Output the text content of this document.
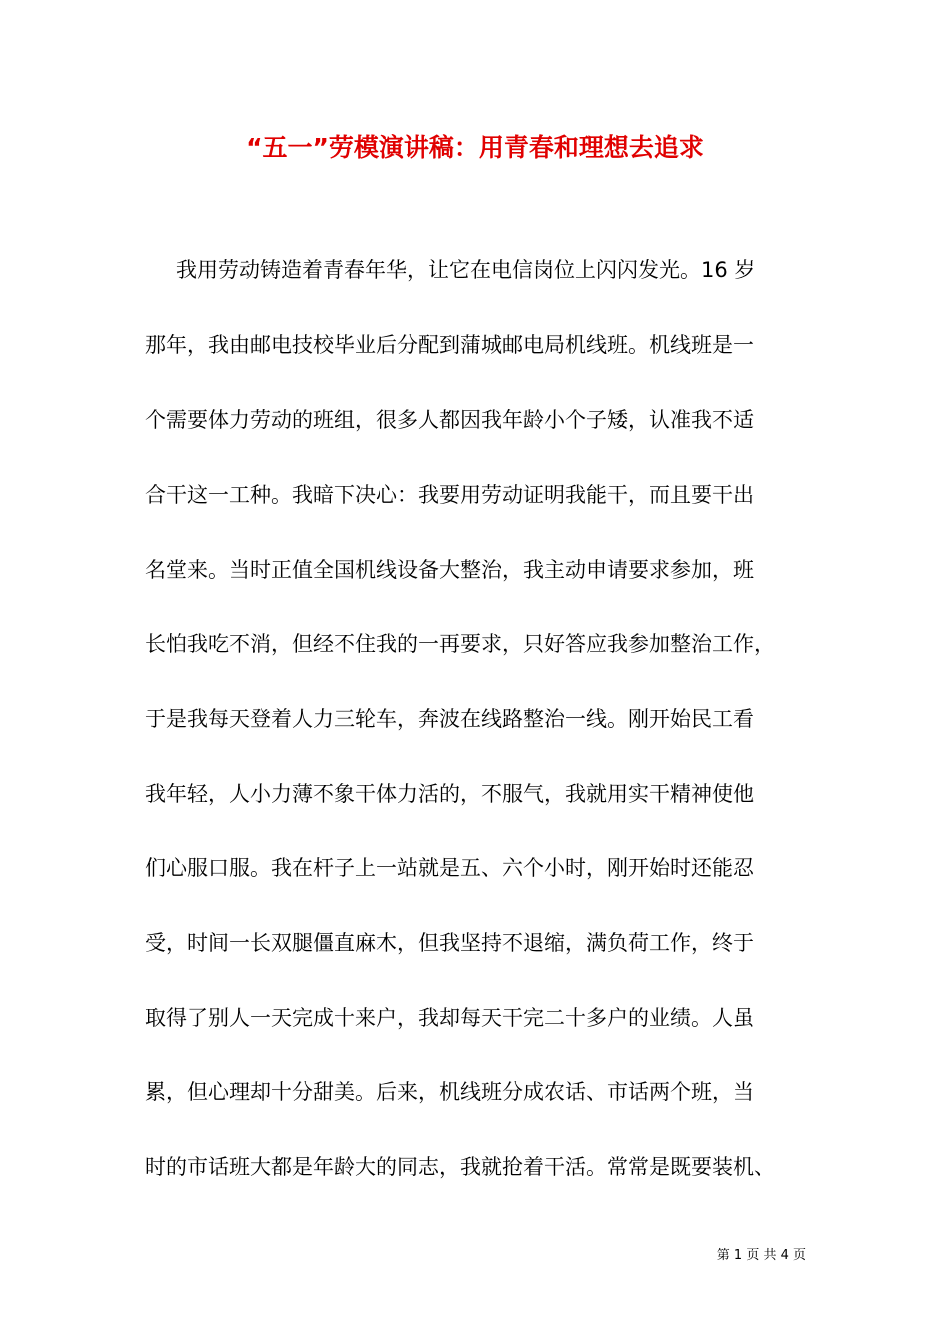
“五一”劳模演讲稿：用青春和理想去追求
我用劳动铸造着青春年华，让它在电信岗位上闪闪发光。16 岁
那年，我由邮电技校毕业后分配到蒲城邮电局机线班。机线班是一
个需要体力劳动的班组，很多人都因我年龄小个子矮，认准我不适
合干这一工种。我暗下决心：我要用劳动证明我能干，而且要干出
名堂来。当时正值全国机线设备大整治，我主动申请要求参加，班
长怕我吃不消，但经不住我的一再要求，只好答应我参加整治工作，
于是我每天登着人力三轮车，奔波在线路整治一线。刚开始民工看
我年轻，人小力薄不象干体力活的，不服气，我就用实干精神使他
们心服口服。我在杆子上一站就是五、六个小时，刚开始时还能忍
受，时间一长双腿僵直麻木，但我坚持不退缩，满负荷工作，终于
取得了别人一天完成十来户，我却每天干完二十多户的业绩。人虽
累，但心理却十分甜美。后来，机线班分成农话、市话两个班，当
时的市话班大都是年龄大的同志，我就抢着干活。常常是既要装机、
第 1 页 共 4 页
